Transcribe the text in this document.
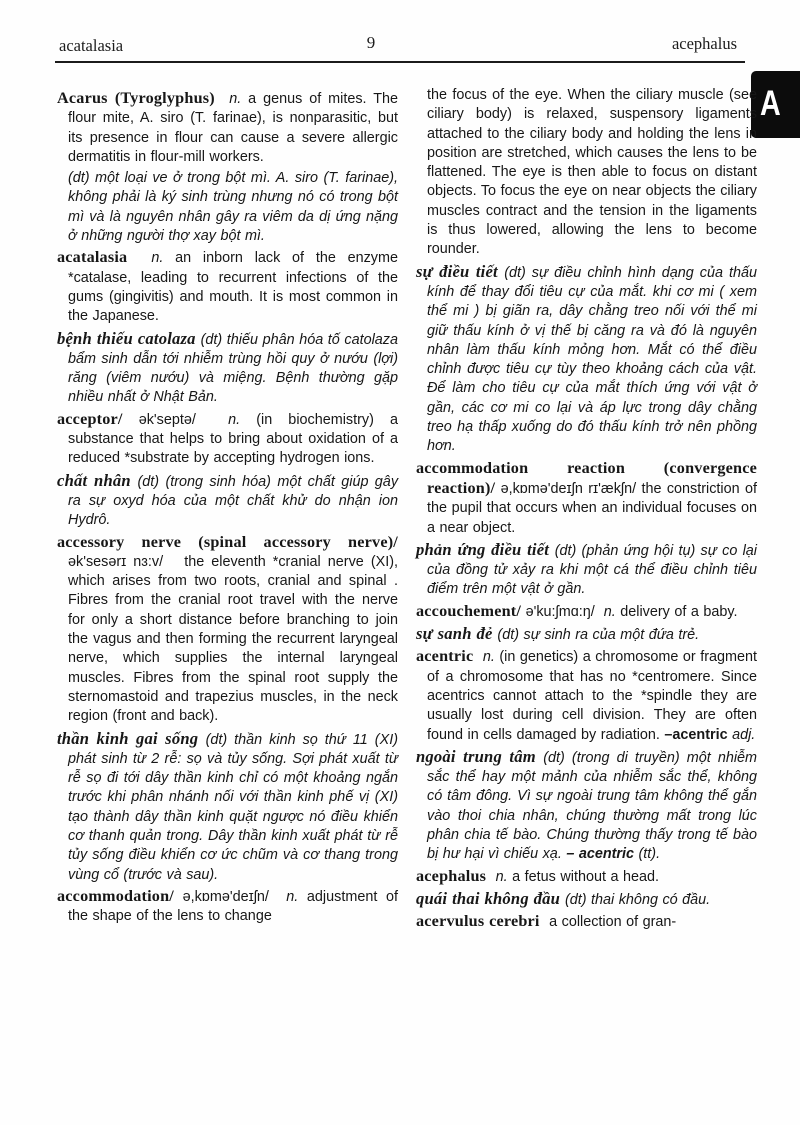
acatalasia	9	acephalus
A

Acarus (Tyroglyphus)  n. a genus of mites. The flour mite, A. siro (T. farinae), is nonparasitic, but its presence in flour can cause a severe allergic dermatitis in flour-mill workers.

(dt) một loại ve ở trong bột mì. A. siro (T. farinae), không phải là ký sinh trùng nhưng nó có trong bột mì và là nguyên nhân gây ra viêm da dị ứng nặng ở những người thợ xay bột mì.

acatalasia  n. an inborn lack of the enzyme *catalase, leading to recurrent infections of the gums (gingivitis) and mouth. It is most common in the Japanese.

bệnh thiếu catolaza (dt) thiếu phân hóa tố catolaza bẩm sinh dẫn tới nhiễm trùng hồi quy ở nướu (lợi) răng (viêm nướu) và miệng. Bệnh thường gặp nhiều nhất ở Nhật Bản.

acceptor/ ək'septə/  n. (in biochemistry) a substance that helps to bring about oxidation of a reduced *substrate by accepting hydrogen ions.

chất nhân (dt) (trong sinh hóa) một chất giúp gây ra sự oxyd hóa của một chất khử do nhận ion Hydrô.

accessory nerve (spinal accessory nerve)/ ək'sesərɪ nɜ:v/   the eleventh *cranial nerve (XI), which arises from two roots, cranial and spinal . Fibres from the cranial root travel with the nerve for only a short distance before branching to join the vagus and then forming the recurrent laryngeal nerve, which supplies the internal laryngeal muscles. Fibres from the spinal root supply the sternomastoid and trapezius muscles, in the neck region (front and back).

thần kinh gai sống (dt) thần kinh sọ thứ 11 (XI) phát sinh từ 2 rễ: sọ và tủy sống. Sợi phát xuất từ rễ sọ đi tới dây thần kinh chỉ có một khoảng ngắn trước khi phân nhánh nối với thần kinh phế vị (XI) tạo thành dây thần kinh quặt ngược nó điều khiển cơ thanh quản trong. Dây thần kinh xuất phát từ rễ tủy sống điều khiển cơ ức chũm và cơ thang trong vùng cổ (trước và sau).

accommodation/ ə,kɒmə'deɪʃn/  n. adjustment of the shape of the lens to change

the focus of the eye. When the ciliary muscle (see ciliary body) is relaxed, suspensory ligaments attached to the ciliary body and holding the lens in position are stretched, which causes the lens to be flattened. The eye is then able to focus on distant objects. To focus the eye on near objects the ciliary muscles contract and the tension in the ligaments is thus lowered, allowing the lens to become rounder.

sự điều tiết (dt) sự điều chỉnh hình dạng của thấu kính để thay đổi tiêu cự của mắt. khi cơ mi ( xem thể mi ) bị giãn ra, dây chằng treo nối với thể mi giữ thấu kính ở vị thế bị căng ra và đó là nguyên nhân làm thấu kính mỏng hơn. Mắt có thể điều chỉnh được tiêu cự tùy theo khoảng cách của vật. Để làm cho tiêu cự của mắt thích ứng với vật ở gần, các cơ mi co lại và áp lực trong dây chằng treo hạ thấp xuống do đó thấu kính trở nên phồng hơn.

accommodation reaction (convergence reaction)/ ə,kɒmə'deɪʃn rɪ'ækʃn/ the constriction of the pupil that occurs when an individual focuses on a near object.

phản ứng điều tiết (dt) (phản ứng hội tụ) sự co lại của đồng tử xảy ra khi một cá thể điều chỉnh tiêu điểm trên một vật ở gần.

accouchement/ ə'ku:ʃmɑ:ŋ/  n. delivery of a baby.

sự sanh đẻ (dt) sự sinh ra của một đứa trẻ.

acentric  n. (in genetics) a chromosome or fragment of a chromosome that has no *centromere. Since acentrics cannot attach to the *spindle they are usually lost during cell division. They are often found in cells damaged by radiation. –acentric adj.

ngoài trung tâm (dt) (trong di truyền) một nhiễm sắc thể hay một mảnh của nhiễm sắc thể, không có tâm đông. Vì sự ngoài trung tâm không thể gắn vào thoi chia nhân, chúng thường mất trong lúc phân chia tế bào. Chúng thường thấy trong tế bào bị hư hại vì chiếu xạ. – acentric (tt).

acephalus  n. a fetus without a head.

quái thai không đầu (dt) thai không có đầu.

acervulus cerebri  a collection of gran-
